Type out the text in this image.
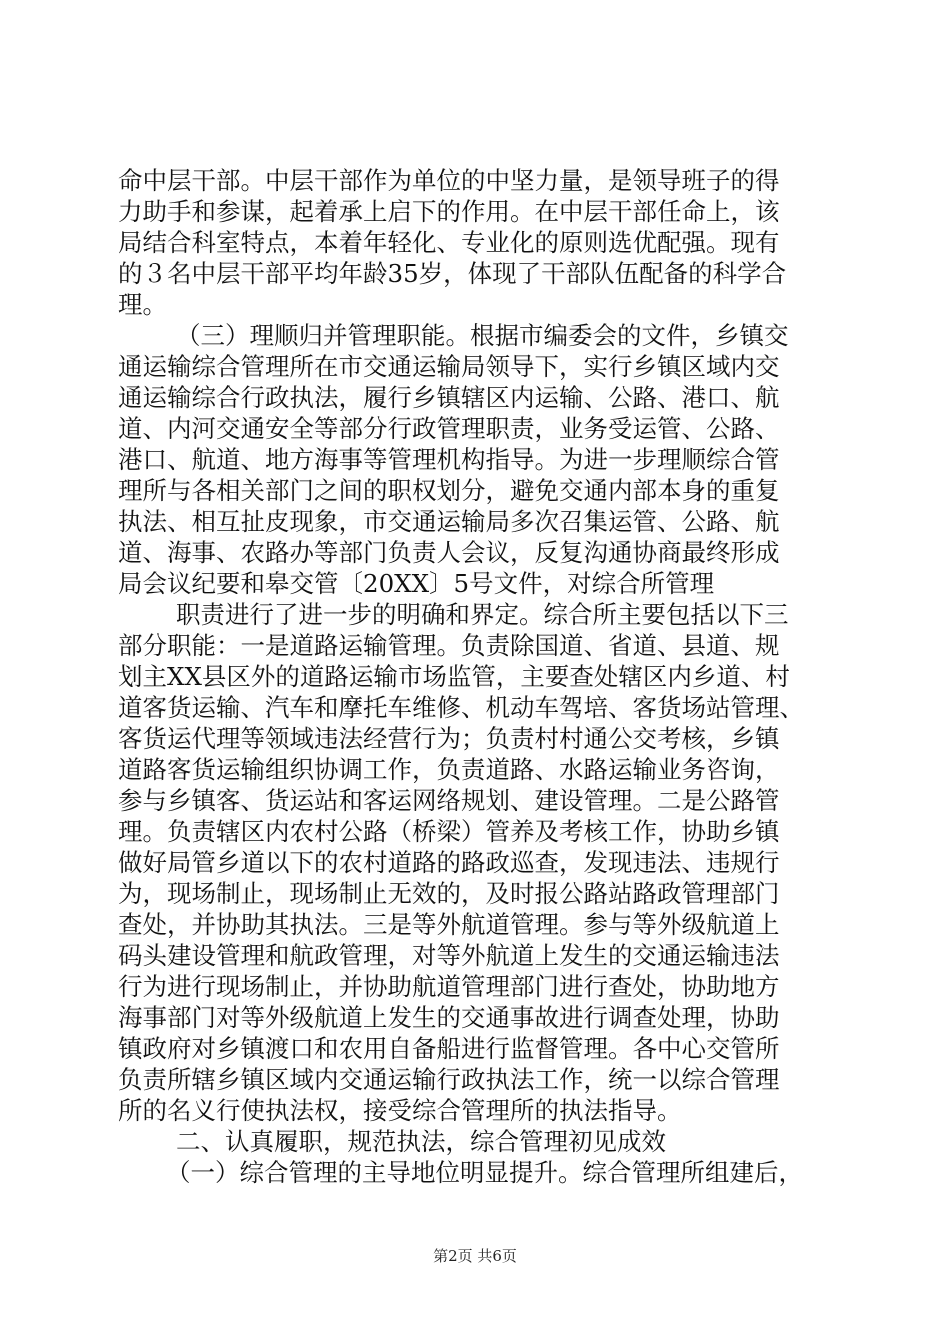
命中层干部。中层干部作为单位的中坚力量，是领导班子的得
力助手和参谋，起着承上启下的作用。在中层干部任命上，该
局结合科室特点，本着年轻化、专业化的原则选优配强。现有
的３名中层干部平均年龄35岁，体现了干部队伍配备的科学合
理。
（三）理顺归并管理职能。根据市编委会的文件，乡镇交
通运输综合管理所在市交通运输局领导下，实行乡镇区域内交
通运输综合行政执法，履行乡镇辖区内运输、公路、港口、航
道、内河交通安全等部分行政管理职责，业务受运管、公路、
港口、航道、地方海事等管理机构指导。为进一步理顺综合管
理所与各相关部门之间的职权划分，避免交通内部本身的重复
执法、相互扯皮现象，市交通运输局多次召集运管、公路、航
道、海事、农路办等部门负责人会议，反复沟通协商最终形成
局会议纪要和皋交管〔20XX〕5号文件，对综合所管理
职责进行了进一步的明确和界定。综合所主要包括以下三
部分职能：一是道路运输管理。负责除国道、省道、县道、规
划主XX县区外的道路运输市场监管，主要查处辖区内乡道、村
道客货运输、汽车和摩托车维修、机动车驾培、客货场站管理、
客货运代理等领域违法经营行为；负责村村通公交考核，乡镇
道路客货运输组织协调工作，负责道路、水路运输业务咨询，
参与乡镇客、货运站和客运网络规划、建设管理。二是公路管
理。负责辖区内农村公路（桥梁）管养及考核工作，协助乡镇
做好局管乡道以下的农村道路的路政巡查，发现违法、违规行
为，现场制止，现场制止无效的，及时报公路站路政管理部门
查处，并协助其执法。三是等外航道管理。参与等外级航道上
码头建设管理和航政管理，对等外航道上发生的交通运输违法
行为进行现场制止，并协助航道管理部门进行查处，协助地方
海事部门对等外级航道上发生的交通事故进行调查处理，协助
镇政府对乡镇渡口和农用自备船进行监督管理。各中心交管所
负责所辖乡镇区域内交通运输行政执法工作，统一以综合管理
所的名义行使执法权，接受综合管理所的执法指导。
二、认真履职，规范执法，综合管理初见成效
（一）综合管理的主导地位明显提升。综合管理所组建后，
第2页 共6页
